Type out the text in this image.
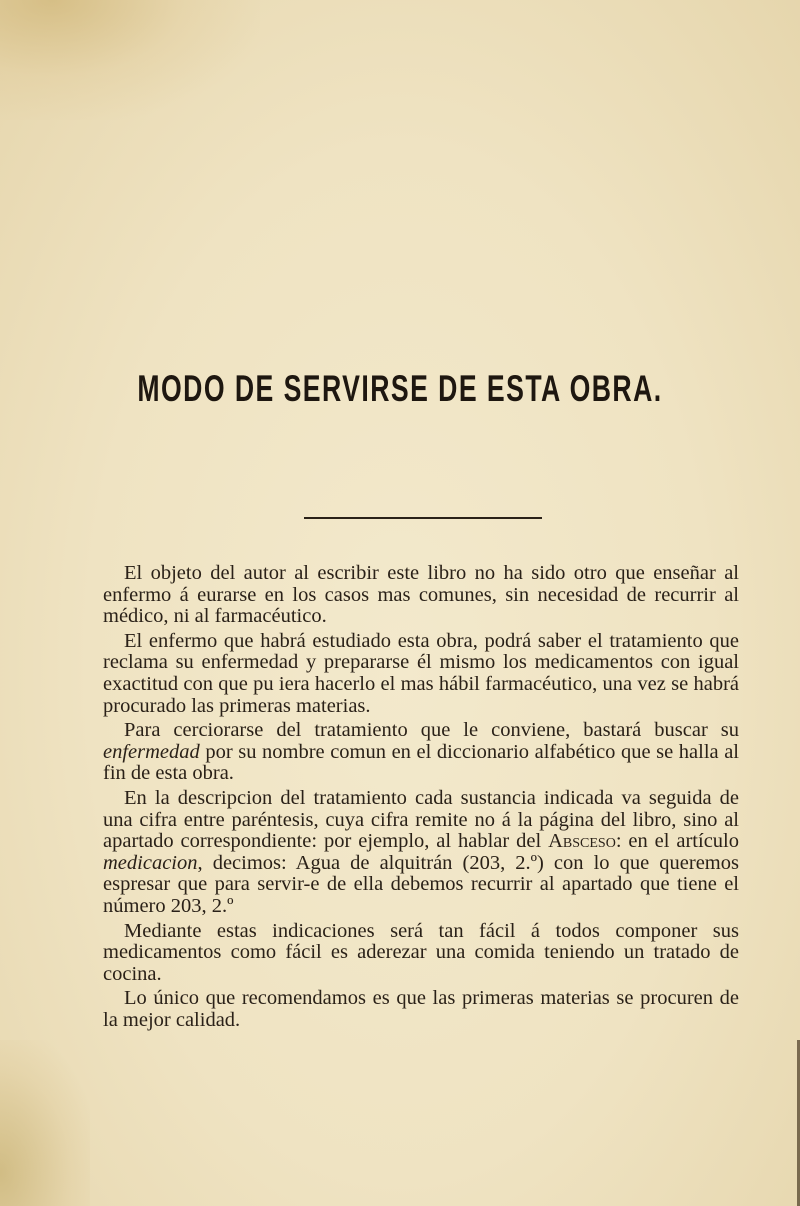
MODO DE SERVIRSE DE ESTA OBRA.

El objeto del autor al escribir este libro no ha sido otro que enseñar al enfermo á eurarse en los casos mas comunes, sin necesidad de recurrir al médico, ni al farmacéutico.

El enfermo que habrá estudiado esta obra, podrá saber el tratamiento que reclama su enfermedad y prepararse él mismo los medicamentos con igual exactitud con que pu iera hacerlo el mas hábil farmacéutico, una vez se habrá procurado las primeras materias.

Para cerciorarse del tratamiento que le conviene, bastará buscar su enfermedad por su nombre comun en el diccionario alfabético que se halla al fin de esta obra.

En la descripcion del tratamiento cada sustancia indicada va seguida de una cifra entre paréntesis, cuya cifra remite no á la página del libro, sino al apartado correspondiente: por ejemplo, al hablar del Absceso: en el artículo medicacion, decimos: Agua de alquitrán (203, 2.º) con lo que queremos espresar que para servir-e de ella debemos recurrir al apartado que tiene el número 203, 2.º

Mediante estas indicaciones será tan fácil á todos componer sus medicamentos como fácil es aderezar una comida teniendo un tratado de cocina.

Lo único que recomendamos es que las primeras materias se procuren de la mejor calidad.
